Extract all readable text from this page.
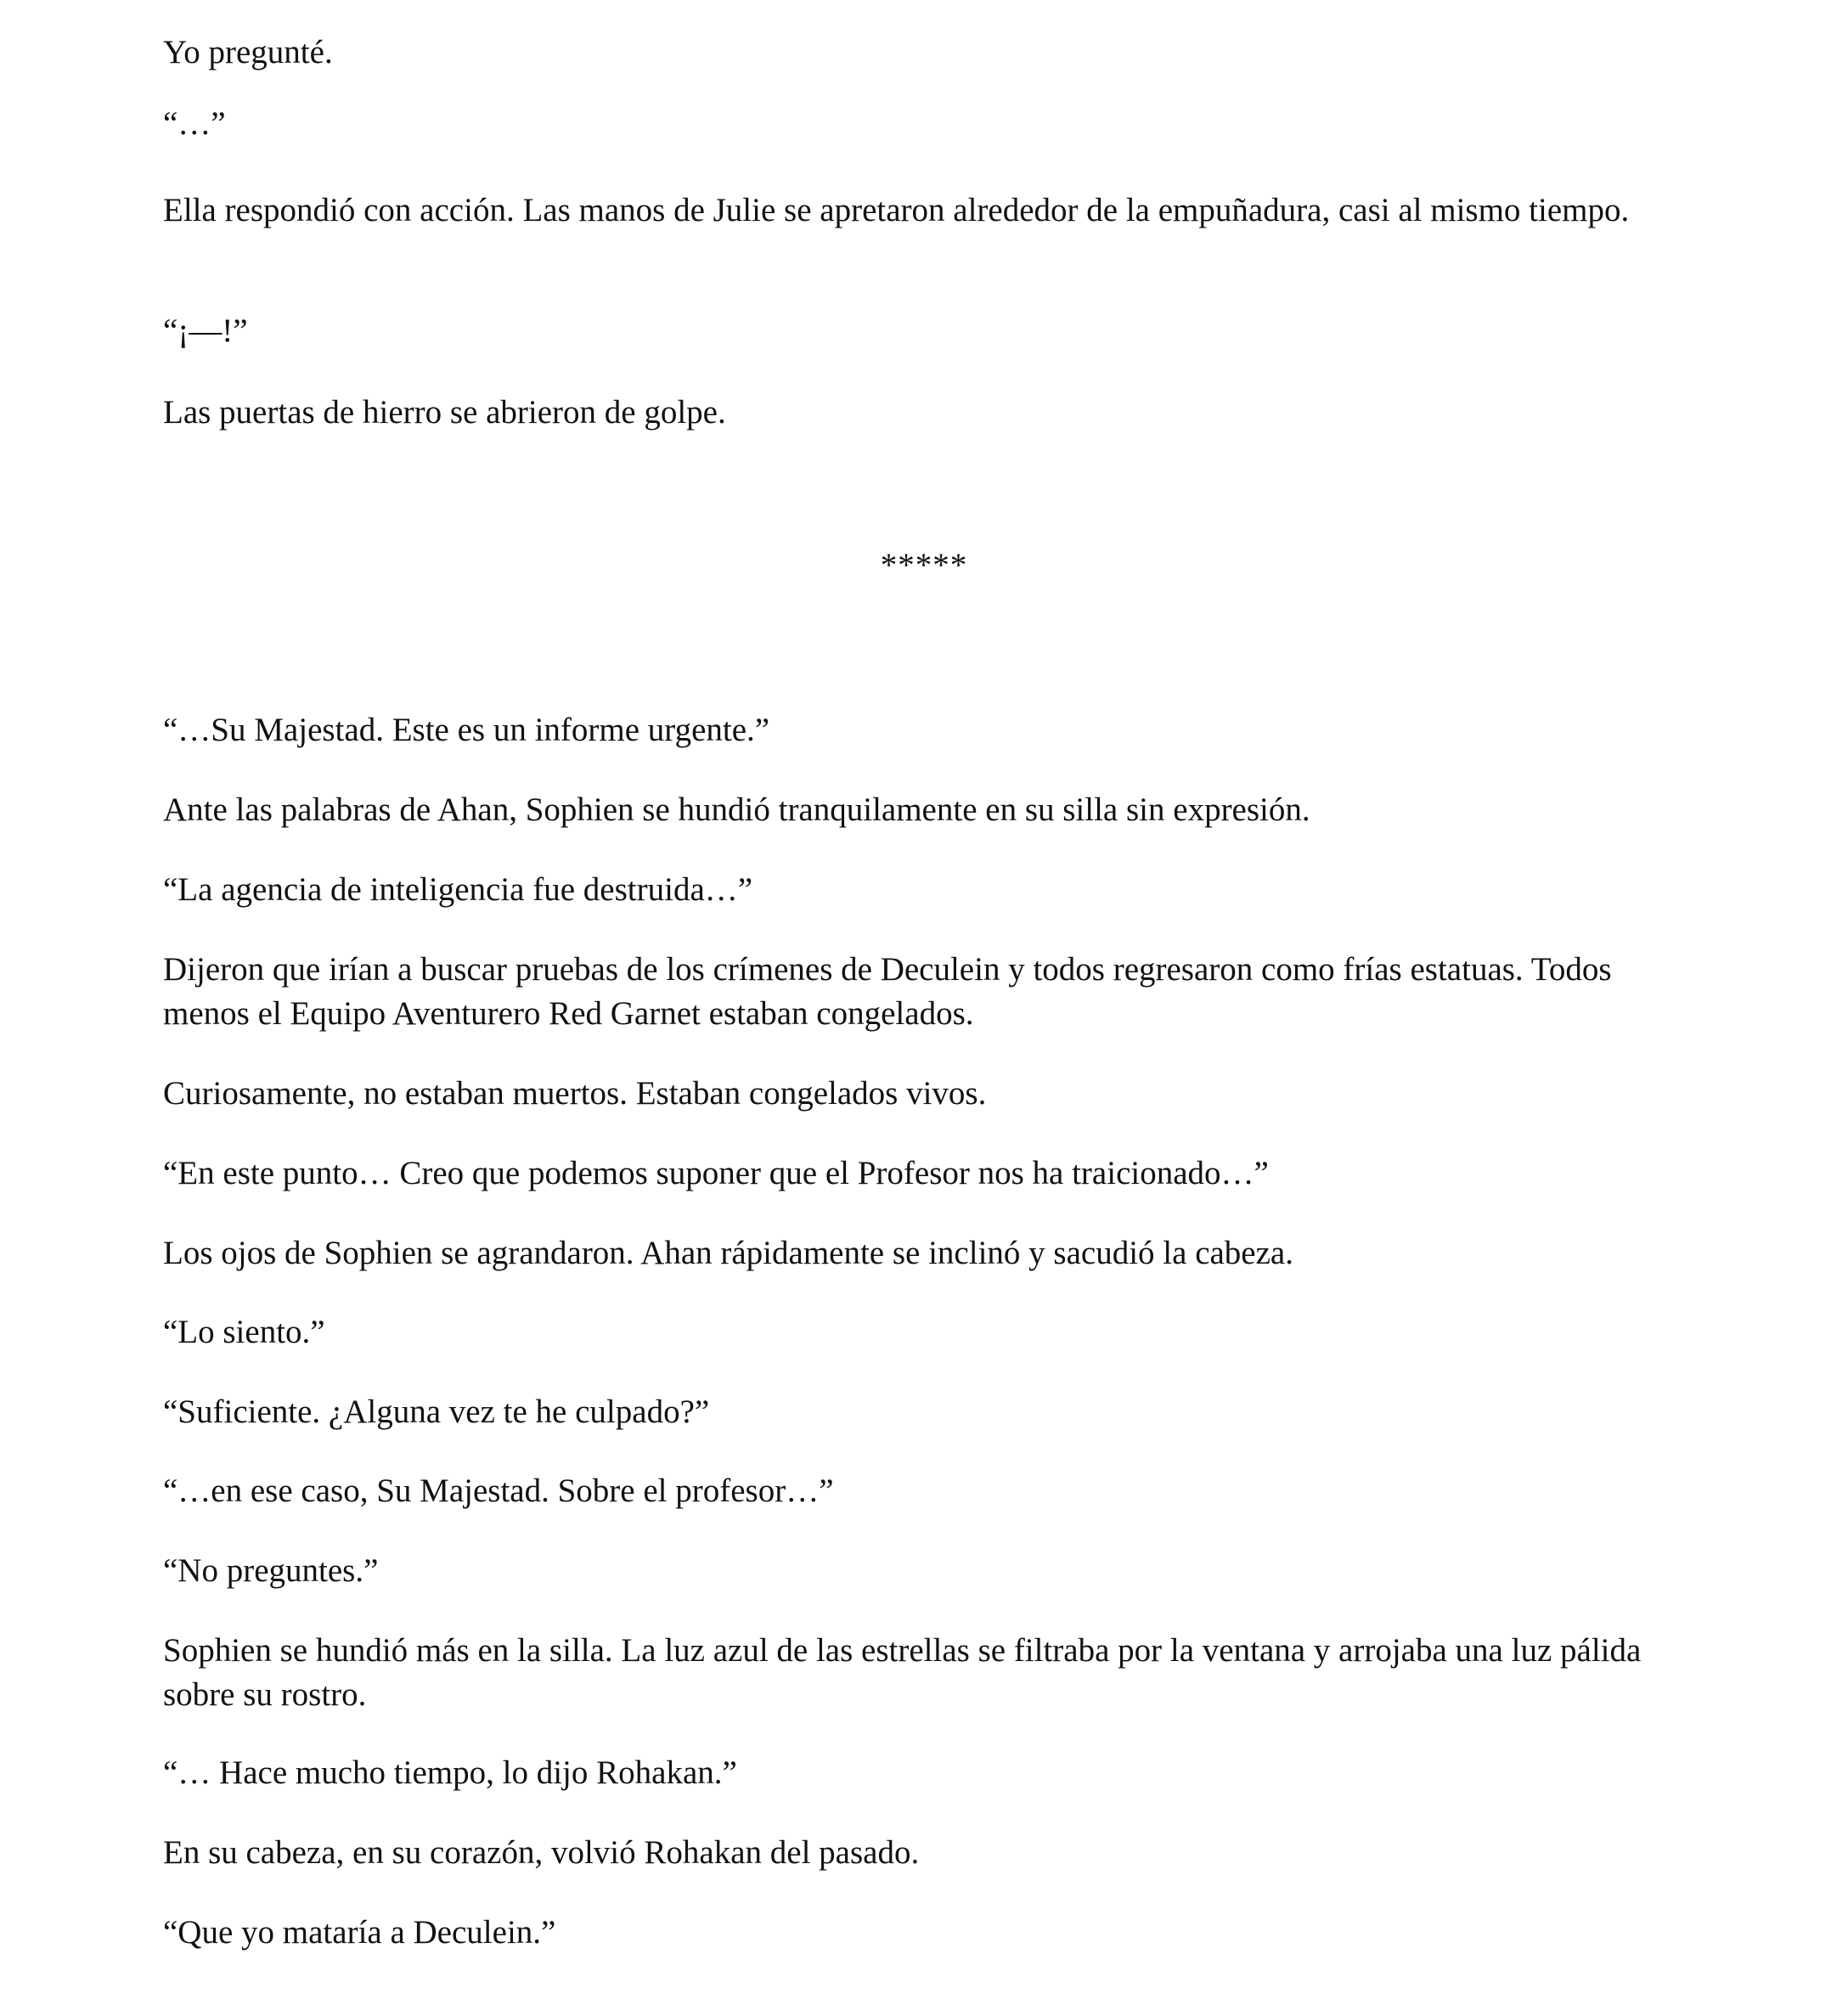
Yo pregunté.

“…”

Ella respondió con acción. Las manos de Julie se apretaron alrededor de la empuñadura, casi al mismo tiempo.

“¡—!”

Las puertas de hierro se abrieron de golpe.

*****

“…Su Majestad. Este es un informe urgente.”

Ante las palabras de Ahan, Sophien se hundió tranquilamente en su silla sin expresión.

“La agencia de inteligencia fue destruida…”

Dijeron que irían a buscar pruebas de los crímenes de Deculein y todos regresaron como frías estatuas. Todos menos el Equipo Aventurero Red Garnet estaban congelados.

Curiosamente, no estaban muertos. Estaban congelados vivos.

“En este punto… Creo que podemos suponer que el Profesor nos ha traicionado…”

Los ojos de Sophien se agrandaron. Ahan rápidamente se inclinó y sacudió la cabeza.

“Lo siento.”

“Suficiente. ¿Alguna vez te he culpado?”

“…en ese caso, Su Majestad. Sobre el profesor…”

“No preguntes.”

Sophien se hundió más en la silla. La luz azul de las estrellas se filtraba por la ventana y arrojaba una luz pálida sobre su rostro.

“… Hace mucho tiempo, lo dijo Rohakan.”

En su cabeza, en su corazón, volvió Rohakan del pasado.

“Que yo mataría a Deculein.”
